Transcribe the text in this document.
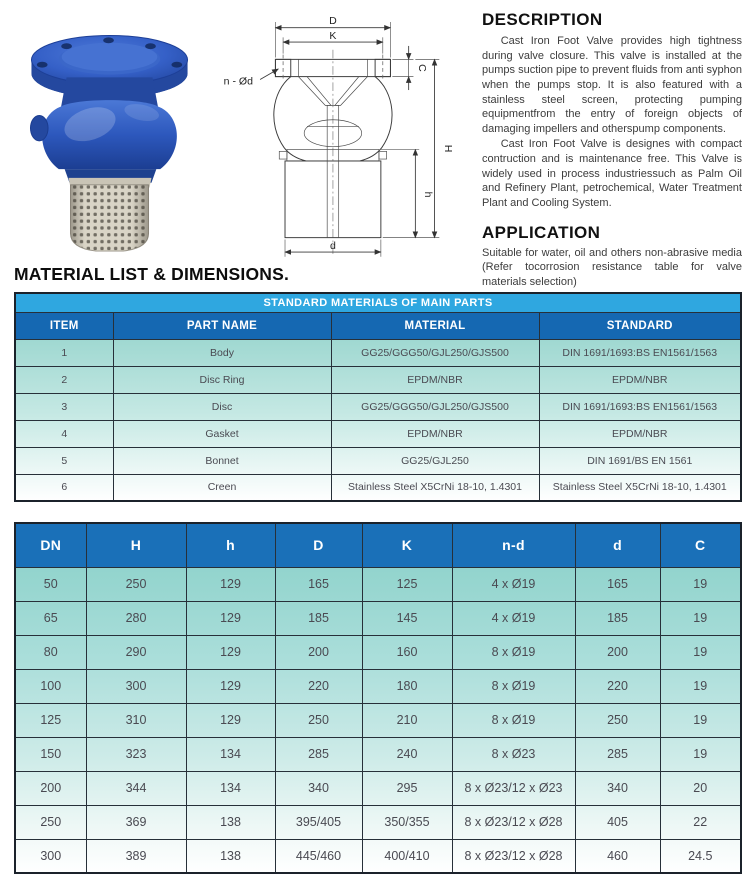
D
K
C
H
h
d
n - Ød
DESCRIPTION

Cast Iron Foot Valve provides high tightness during valve closure. This valve is installed at the pumps suction pipe to prevent fluids from anti syphon when the pumps stop. It is also featured with a stainless steel screen, protecting pumping equipmentfrom the entry of foreign objects of damaging impellers and otherspump components.

Cast Iron Foot Valve is designes with compact contruction and is maintenance free. This Valve is widely used in process industriessuch as Palm Oil and Refinery Plant, petrochemical, Water Treatment Plant and Cooling System.

APPLICATION

Suitable for water, oil and others non-abrasive media (Refer tocorrosion resistance table for valve materials selection)

MATERIAL LIST & DIMENSIONS.
STANDARD MATERIALS OF MAIN PARTS			
ITEM	PART NAME	MATERIAL	STANDARD
1	Body	GG25/GGG50/GJL250/GJS500	DIN 1691/1693:BS EN1561/1563
2	Disc Ring	EPDM/NBR	EPDM/NBR
3	Disc	GG25/GGG50/GJL250/GJS500	DIN 1691/1693:BS EN1561/1563
4	Gasket	EPDM/NBR	EPDM/NBR
5	Bonnet	GG25/GJL250	DIN 1691/BS EN 1561
6	Creen	Stainless Steel X5CrNi 18-10, 1.4301	Stainless Steel X5CrNi 18-10, 1.4301
DN	H	h	D	K	n-d	d	C
50	250	129	165	125	4 x Ø19	165	19
65	280	129	185	145	4 x Ø19	185	19
80	290	129	200	160	8 x Ø19	200	19
100	300	129	220	180	8 x Ø19	220	19
125	310	129	250	210	8 x Ø19	250	19
150	323	134	285	240	8 x Ø23	285	19
200	344	134	340	295	8 x Ø23/12 x Ø23	340	20
250	369	138	395/405	350/355	8 x Ø23/12 x Ø28	405	22
300	389	138	445/460	400/410	8 x Ø23/12 x Ø28	460	24.5
